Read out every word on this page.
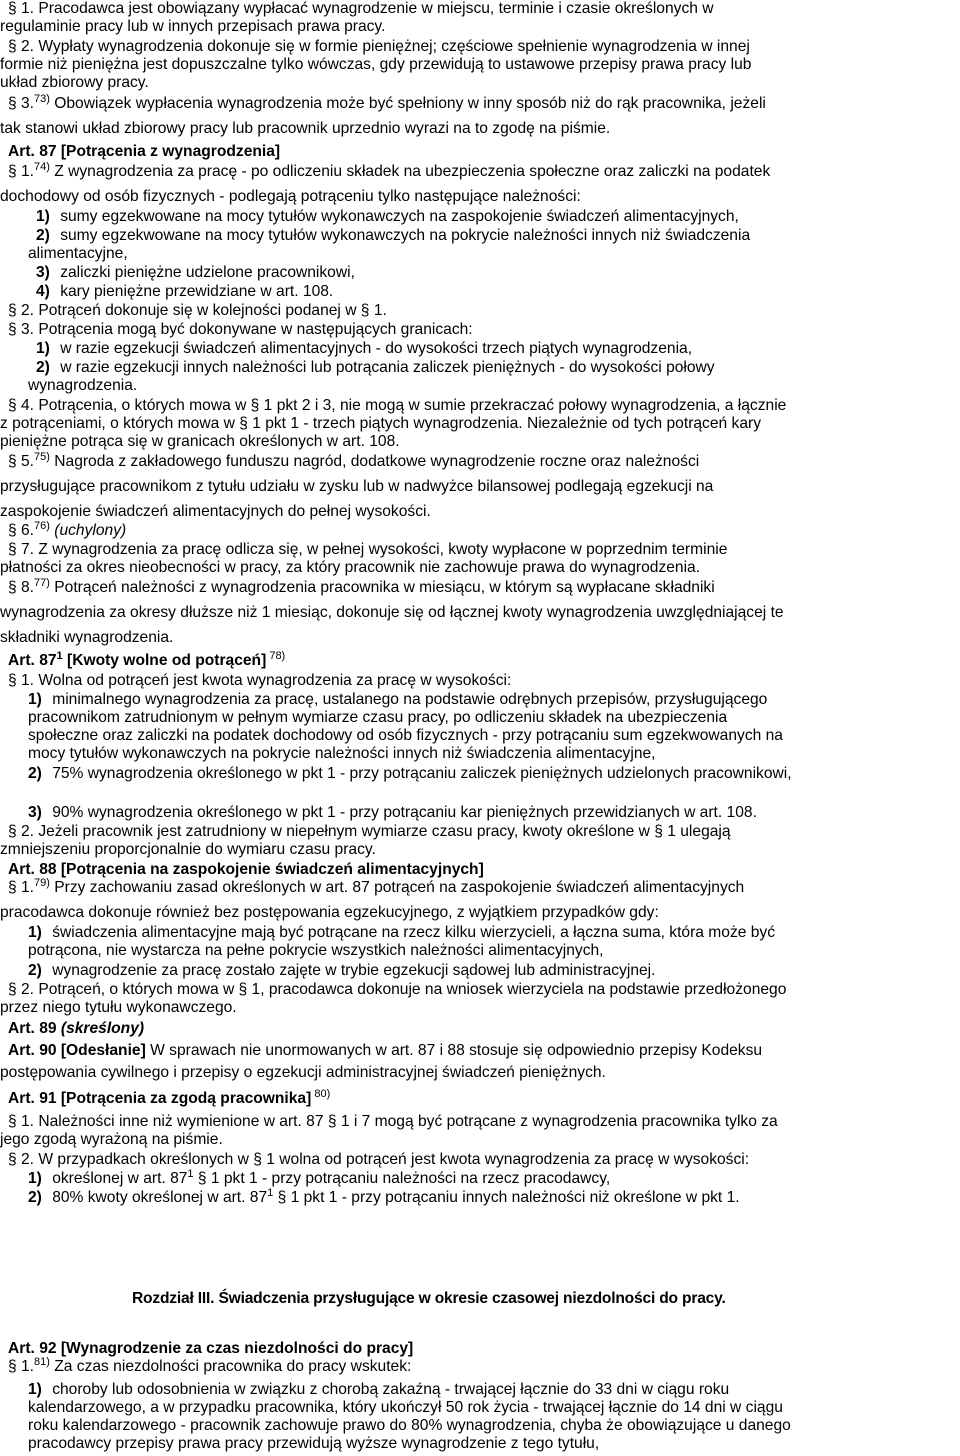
§ 1. Pracodawca jest obowiązany wypłacać wynagrodzenie w miejscu, terminie i czasie określonych w
regulaminie pracy lub w innych przepisach prawa pracy.
§ 2. Wypłaty wynagrodzenia dokonuje się w formie pieniężnej; częściowe spełnienie wynagrodzenia w innej
formie niż pieniężna jest dopuszczalne tylko wówczas, gdy przewidują to ustawowe przepisy prawa pracy lub
układ zbiorowy pracy.
§ 3.$^{73)}$ Obowiązek wypłacenia wynagrodzenia może być spełniony w inny sposób niż do rąk pracownika, jeżeli
tak stanowi układ zbiorowy pracy lub pracownik uprzednio wyrazi na to zgodę na piśmie.
Art. 87 [Potrącenia z wynagrodzenia]
§ 1.$^{74)}$ Z wynagrodzenia za pracę - po odliczeniu składek na ubezpieczenia społeczne oraz zaliczki na podatek
dochodowy od osób fizycznych - podlegają potrąceniu tylko następujące należności:
1) sumy egzekwowane na mocy tytułów wykonawczych na zaspokojenie świadczeń alimentacyjnych,
2) sumy egzekwowane na mocy tytułów wykonawczych na pokrycie należności innych niż świadczenia
alimentacyjne,
3) zaliczki pieniężne udzielone pracownikowi,
4) kary pieniężne przewidziane w art. 108.
§ 2. Potrąceń dokonuje się w kolejności podanej w § 1.
§ 3. Potrącenia mogą być dokonywane w następujących granicach:
1) w razie egzekucji świadczeń alimentacyjnych - do wysokości trzech piątych wynagrodzenia,
2) w razie egzekucji innych należności lub potrącania zaliczek pieniężnych - do wysokości połowy
wynagrodzenia.
§ 4. Potrącenia, o których mowa w § 1 pkt 2 i 3, nie mogą w sumie przekraczać połowy wynagrodzenia, a łącznie
z potrąceniami, o których mowa w § 1 pkt 1 - trzech piątych wynagrodzenia. Niezależnie od tych potrąceń kary
pieniężne potrąca się w granicach określonych w art. 108.
§ 5.$^{75)}$ Nagroda z zakładowego funduszu nagród, dodatkowe wynagrodzenie roczne oraz należności
przysługujące pracownikom z tytułu udziału w zysku lub w nadwyżce bilansowej podlegają egzekucji na
zaspokojenie świadczeń alimentacyjnych do pełnej wysokości.
§ 6.$^{76)}$ (uchylony)
§ 7. Z wynagrodzenia za pracę odlicza się, w pełnej wysokości, kwoty wypłacone w poprzednim terminie
płatności za okres nieobecności w pracy, za który pracownik nie zachowuje prawa do wynagrodzenia.
§ 8.$^{77)}$ Potrąceń należności z wynagrodzenia pracownika w miesiącu, w którym są wypłacane składniki
wynagrodzenia za okresy dłuższe niż 1 miesiąc, dokonuje się od łącznej kwoty wynagrodzenia uwzględniającej te
składniki wynagrodzenia.
Art. $87^1$ [Kwoty wolne od potrąceń] $^{78)}$
§ 1. Wolna od potrąceń jest kwota wynagrodzenia za pracę w wysokości:
1) minimalnego wynagrodzenia za pracę, ustalanego na podstawie odrębnych przepisów, przysługującego
pracownikom zatrudnionym w pełnym wymiarze czasu pracy, po odliczeniu składek na ubezpieczenia
społeczne oraz zaliczki na podatek dochodowy od osób fizycznych - przy potrącaniu sum egzekwowanych na
mocy tytułów wykonawczych na pokrycie należności innych niż świadczenia alimentacyjne,
2) 75% wynagrodzenia określonego w pkt 1 - przy potrącaniu zaliczek pieniężnych udzielonych pracownikowi,
3) 90% wynagrodzenia określonego w pkt 1 - przy potrącaniu kar pieniężnych przewidzianych w art. 108.
§ 2. Jeżeli pracownik jest zatrudniony w niepełnym wymiarze czasu pracy, kwoty określone w § 1 ulegają
zmniejszeniu proporcjonalnie do wymiaru czasu pracy.
Art. 88 [Potrącenia na zaspokojenie świadczeń alimentacyjnych]
§ 1.$^{79)}$ Przy zachowaniu zasad określonych w art. 87 potrąceń na zaspokojenie świadczeń alimentacyjnych
pracodawca dokonuje również bez postępowania egzekucyjnego, z wyjątkiem przypadków gdy:
1) świadczenia alimentacyjne mają być potrącane na rzecz kilku wierzycieli, a łączna suma, która może być
potrącona, nie wystarcza na pełne pokrycie wszystkich należności alimentacyjnych,
2) wynagrodzenie za pracę zostało zajęte w trybie egzekucji sądowej lub administracyjnej.
§ 2. Potrąceń, o których mowa w § 1, pracodawca dokonuje na wniosek wierzyciela na podstawie przedłożonego
przez niego tytułu wykonawczego.
Art. 89 (skreślony)
Art. 90 [Odesłanie] W sprawach nie unormowanych w art. 87 i 88 stosuje się odpowiednio przepisy Kodeksu
postępowania cywilnego i przepisy o egzekucji administracyjnej świadczeń pieniężnych.
Art. 91 [Potrącenia za zgodą pracownika] $^{80)}$
§ 1. Należności inne niż wymienione w art. 87 § 1 i 7 mogą być potrącane z wynagrodzenia pracownika tylko za
jego zgodą wyrażoną na piśmie.
§ 2. W przypadkach określonych w § 1 wolna od potrąceń jest kwota wynagrodzenia za pracę w wysokości:
1) określonej w art. $87^1$ § 1 pkt 1 - przy potrącaniu należności na rzecz pracodawcy,
2) 80% kwoty określonej w art. $87^1$ § 1 pkt 1 - przy potrącaniu innych należności niż określone w pkt 1.
Rozdział III. Świadczenia przysługujące w okresie czasowej niezdolności do pracy.
Art. 92 [Wynagrodzenie za czas niezdolności do pracy]
§ 1.$^{81)}$ Za czas niezdolności pracownika do pracy wskutek:
1) choroby lub odosobnienia w związku z chorobą zakaźną - trwającej łącznie do 33 dni w ciągu roku
kalendarzowego, a w przypadku pracownika, który ukończył 50 rok życia - trwającej łącznie do 14 dni w ciągu
roku kalendarzowego - pracownik zachowuje prawo do 80% wynagrodzenia, chyba że obowiązujące u danego
pracodawcy przepisy prawa pracy przewidują wyższe wynagrodzenie z tego tytułu,
